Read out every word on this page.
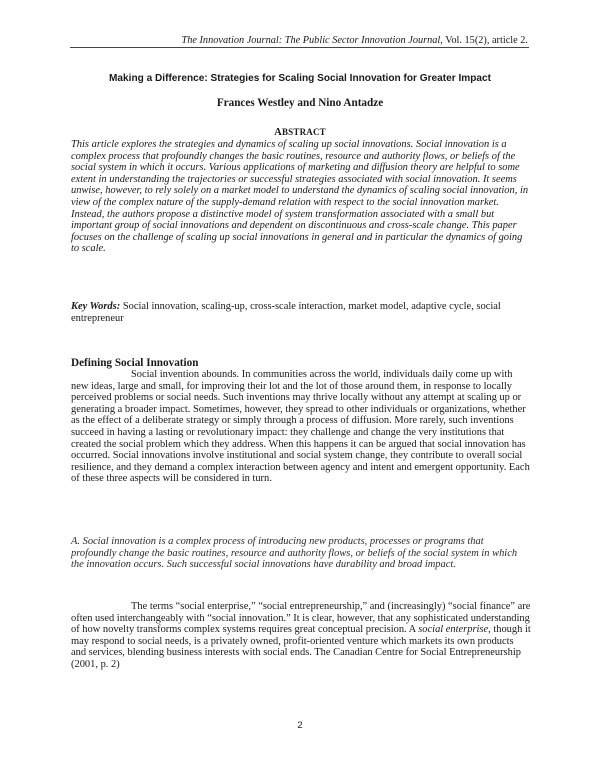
The Innovation Journal: The Public Sector Innovation Journal, Vol. 15(2), article 2.
Making a Difference: Strategies for Scaling Social Innovation for Greater Impact
Frances Westley and Nino Antadze
ABSTRACT
This article explores the strategies and dynamics of scaling up social innovations. Social innovation is a complex process that profoundly changes the basic routines, resource and authority flows, or beliefs of the social system in which it occurs. Various applications of marketing and diffusion theory are helpful to some extent in understanding the trajectories or successful strategies associated with social innovation. It seems unwise, however, to rely solely on a market model to understand the dynamics of scaling social innovation, in view of the complex nature of the supply-demand relation with respect to the social innovation market. Instead, the authors propose a distinctive model of system transformation associated with a small but important group of social innovations and dependent on discontinuous and cross-scale change. This paper focuses on the challenge of scaling up social innovations in general and in particular the dynamics of going to scale.
Key Words: Social innovation, scaling-up, cross-scale interaction, market model, adaptive cycle, social entrepreneur
Defining Social Innovation
Social invention abounds. In communities across the world, individuals daily come up with new ideas, large and small, for improving their lot and the lot of those around them, in response to locally perceived problems or social needs. Such inventions may thrive locally without any attempt at scaling up or generating a broader impact. Sometimes, however, they spread to other individuals or organizations, whether as the effect of a deliberate strategy or simply through a process of diffusion. More rarely, such inventions succeed in having a lasting or revolutionary impact: they challenge and change the very institutions that created the social problem which they address. When this happens it can be argued that social innovation has occurred. Social innovations involve institutional and social system change, they contribute to overall social resilience, and they demand a complex interaction between agency and intent and emergent opportunity. Each of these three aspects will be considered in turn.
A. Social innovation is a complex process of introducing new products, processes or programs that profoundly change the basic routines, resource and authority flows, or beliefs of the social system in which the innovation occurs. Such successful social innovations have durability and broad impact.
The terms “social enterprise,” “social entrepreneurship,” and (increasingly) “social finance” are often used interchangeably with “social innovation.” It is clear, however, that any sophisticated understanding of how novelty transforms complex systems requires great conceptual precision. A social enterprise, though it may respond to social needs, is a privately owned, profit-oriented venture which markets its own products and services, blending business interests with social ends. The Canadian Centre for Social Entrepreneurship (2001, p. 2)
2
